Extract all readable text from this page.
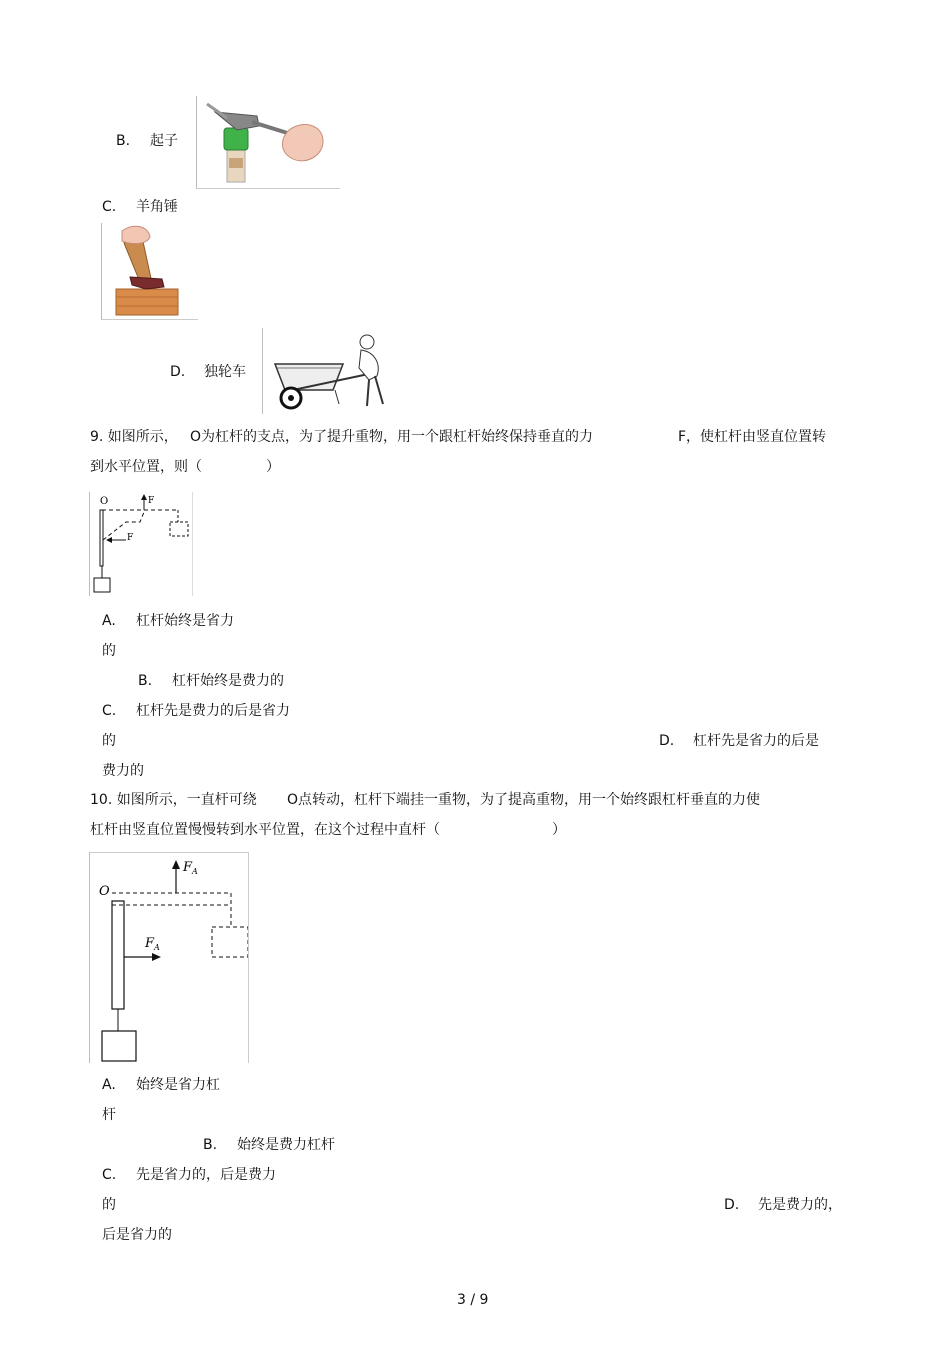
B. 起子
C. 羊角锤
D. 独轮车
9. 如图所示， O为杠杆的支点，为了提升重物，用一个跟杠杆始终保持垂直的力	F，使杠杆由竖直位置转
到水平位置，则（	）
O	F
F
A. 杠杆始终是省力
的
B. 杠杆始终是费力的
C. 杠杆先是费力的后是省力
的	D. 杠杆先是省力的后是
费力的
10. 如图所示，一直杆可绕 O点转动，杠杆下端挂一重物，为了提高重物，用一个始终跟杠杆垂直的力使
杠杆由竖直位置慢慢转到水平位置，在这个过程中直杆（	）
O
$F_A$
$F_A$
A. 始终是省力杠
杆
B. 始终是费力杠杆
C. 先是省力的，后是费力
的	D. 先是费力的，
后是省力的
3 / 9
